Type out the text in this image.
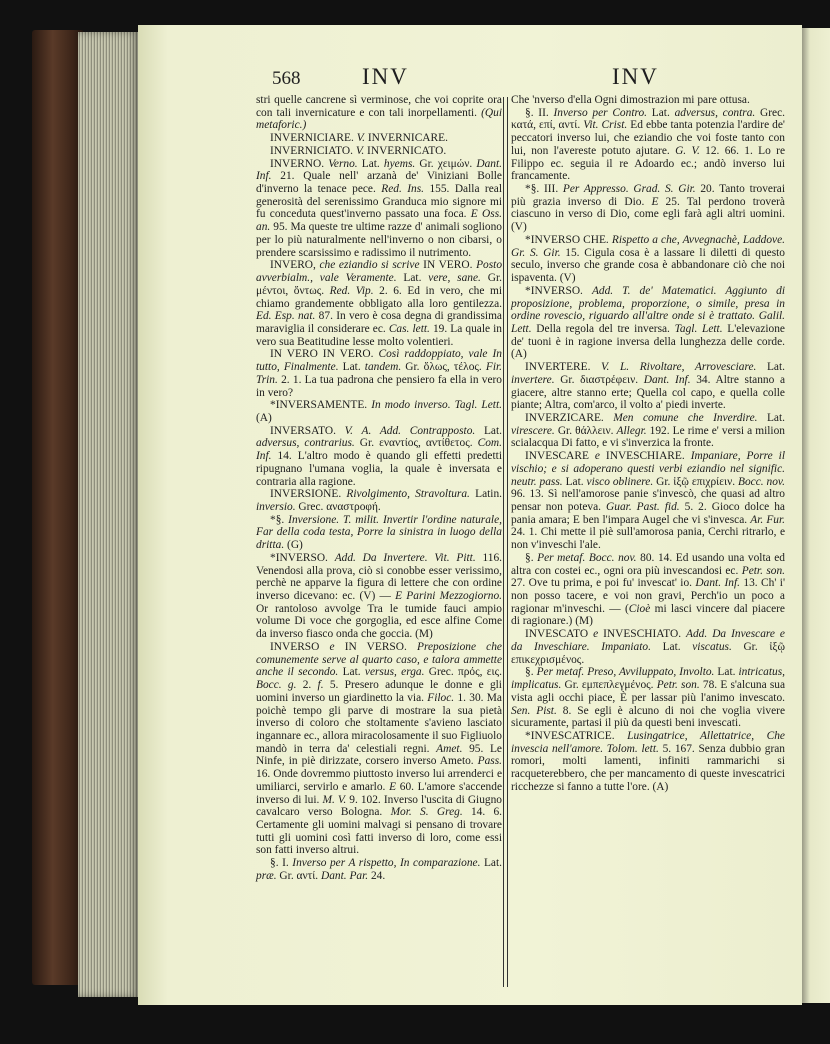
568	INV	INV

stri quelle cancrene sì verminose, che voi coprite ora con tali invernicature e con tali inorpellamenti. (Qui metaforic.)

INVERNICIARE. V. INVERNICARE.

INVERNICIATO. V. INVERNICATO.

INVERNO. Verno. Lat. hyems. Gr. χειμών. Dant. Inf. 21. Quale nell' arzanà de' Viniziani Bolle d'inverno la tenace pece. Red. Ins. 155. Dalla real generosità del serenissimo Granduca mio signore mi fu conceduta quest'inverno passato una foca. E Oss. an. 95. Ma queste tre ultime razze d' animali sogliono per lo più naturalmente nell'inverno o non cibarsi, o prendere scarsissimo e radissimo il nutrimento.

INVERO, che eziandio si scrive IN VERO. Posto avverbialm., vale Veramente. Lat. vere, sane. Gr. μέντοι, ὄντως. Red. Vip. 2. 6. Ed in vero, che mi chiamo grandemente obbligato alla loro gentilezza. Ed. Esp. nat. 87. In vero è cosa degna di grandissima maraviglia il considerare ec. Cas. lett. 19. La quale in vero sua Beatitudine lesse molto volentieri.

IN VERO IN VERO. Così raddoppiato, vale In tutto, Finalmente. Lat. tandem. Gr. ὅλως, τέλος. Fir. Trin. 2. 1. La tua padrona che pensiero fa ella in vero in vero?

*INVERSAMENTE. In modo inverso. Tagl. Lett. (A)

INVERSATO. V. A. Add. Contrapposto. Lat. adversus, contrarius. Gr. εναντίος, αντίθετος. Com. Inf. 14. L'altro modo è quando gli effetti predetti ripugnano l'umana voglia, la quale è inversata e contraria alla ragione.

INVERSIONE. Rivolgimento, Stravoltura. Latin. inversio. Grec. αναστροφή.

*§. Inversione. T. milit. Invertir l'ordine naturale, Far della coda testa, Porre la sinistra in luogo della dritta. (G)

*INVERSO. Add. Da Invertere. Vit. Pitt. 116. Venendosi alla prova, ciò si conobbe esser verissimo, perchè ne apparve la figura di lettere che con ordine inverso dicevano: ec. (V) — E Parini Mezzogiorno. Or rantoloso avvolge Tra le tumide fauci ampio volume Di voce che gorgoglia, ed esce alfine Come da inverso fiasco onda che goccia. (M)

INVERSO e IN VERSO. Preposizione che comunemente serve al quarto caso, e talora ammette anche il secondo. Lat. versus, erga. Grec. πρός, εις. Bocc. g. 2. f. 5. Presero adunque le donne e gli uomini inverso un giardinetto la via. Filoc. 1. 30. Ma poichè tempo gli parve di mostrare la sua pietà inverso di coloro che stoltamente s'avieno lasciato ingannare ec., allora miracolosamente il suo Figliuolo mandò in terra da' celestiali regni. Amet. 95. Le Ninfe, in piè dirizzate, corsero inverso Ameto. Pass. 16. Onde dovremmo piuttosto inverso lui arrenderci e umiliarci, servirlo e amarlo. E 60. L'amore s'accende inverso di lui. M. V. 9. 102. Inverso l'uscita di Giugno cavalcaro verso Bologna. Mor. S. Greg. 14. 6. Certamente gli uomini malvagi si pensano di trovare tutti gli uomini così fatti inverso di loro, come essi son fatti inverso altrui.

§. I. Inverso per A rispetto, In comparazione. Lat. præ. Gr. αντί. Dant. Par. 24.

Che 'nverso d'ella Ogni dimostrazion mi pare ottusa.

§. II. Inverso per Contro. Lat. adversus, contra. Grec. κατά, επί, αντί. Vit. Crist. Ed ebbe tanta potenzia l'ardire de' peccatori inverso lui, che eziandio che voi foste tanto con lui, non l'avereste potuto ajutare. G. V. 12. 66. 1. Lo re Filippo ec. seguia il re Adoardo ec.; andò inverso lui francamente.

*§. III. Per Appresso. Grad. S. Gir. 20. Tanto troverai più grazia inverso di Dio. E 25. Tal perdono troverà ciascuno in verso di Dio, come egli farà agli altri uomini. (V)

*INVERSO CHE. Rispetto a che, Avvegnachè, Laddove. Gr. S. Gir. 15. Cigula cosa è a lassare li diletti di questo seculo, inverso che grande cosa è abbandonare ciò che noi ispaventa. (V)

*INVERSO. Add. T. de' Matematici. Aggiunto di proposizione, problema, proporzione, o simile, presa in ordine rovescio, riguardo all'altre onde si è trattato. Galil. Lett. Della regola del tre inversa. Tagl. Lett. L'elevazione de' tuoni è in ragione inversa della lunghezza delle corde. (A)

INVERTERE. V. L. Rivoltare, Arrovesciare. Lat. invertere. Gr. διαστρέφειν. Dant. Inf. 34. Altre stanno a giacere, altre stanno erte; Quella col capo, e quella colle piante; Altra, com'arco, il volto a' piedi inverte.

INVERZICARE. Men comune che Inverdire. Lat. virescere. Gr. θάλλειν. Allegr. 192. Le rime e' versi a milion scialacqua Di fatto, e vi s'inverzica la fronte.

INVESCARE e INVESCHIARE. Impaniare, Porre il vischio; e si adoperano questi verbi eziandio nel signific. neutr. pass. Lat. visco oblinere. Gr. ἰξῷ επιχρίειν. Bocc. nov. 96. 13. Sì nell'amorose panie s'invescò, che quasi ad altro pensar non poteva. Guar. Past. fid. 5. 2. Gioco dolce ha pania amara; E ben l'impara Augel che vi s'invesca. Ar. Fur. 24. 1. Chi mette il piè sull'amorosa pania, Cerchi ritrarlo, e non v'inveschi l'ale.

§. Per metaf. Bocc. nov. 80. 14. Ed usando una volta ed altra con costei ec., ogni ora più invescandosi ec. Petr. son. 27. Ove tu prima, e poi fu' invescat' io. Dant. Inf. 13. Ch' i' non posso tacere, e voi non gravi, Perch'io un poco a ragionar m'inveschi. — (Cioè mi lasci vincere dal piacere di ragionare.) (M)

INVESCATO e INVESCHIATO. Add. Da Invescare e da Inveschiare. Impaniato. Lat. viscatus. Gr. ἰξῷ επικεχρισμένος.

§. Per metaf. Preso, Avviluppato, Involto. Lat. intricatus, implicatus. Gr. εμπεπλεγμένος. Petr. son. 78. E s'alcuna sua vista agli occhi piace, È per lassar più l'animo invescato. Sen. Pist. 8. Se egli è alcuno di noi che voglia vivere sicuramente, partasi il più da questi beni invescati.

*INVESCATRICE. Lusingatrice, Allettatrice, Che invescia nell'amore. Tolom. lett. 5. 167. Senza dubbio gran romori, molti lamenti, infiniti rammarichi si racqueterebbero, che per mancamento di queste invescatrici ricchezze si fanno a tutte l'ore. (A)
